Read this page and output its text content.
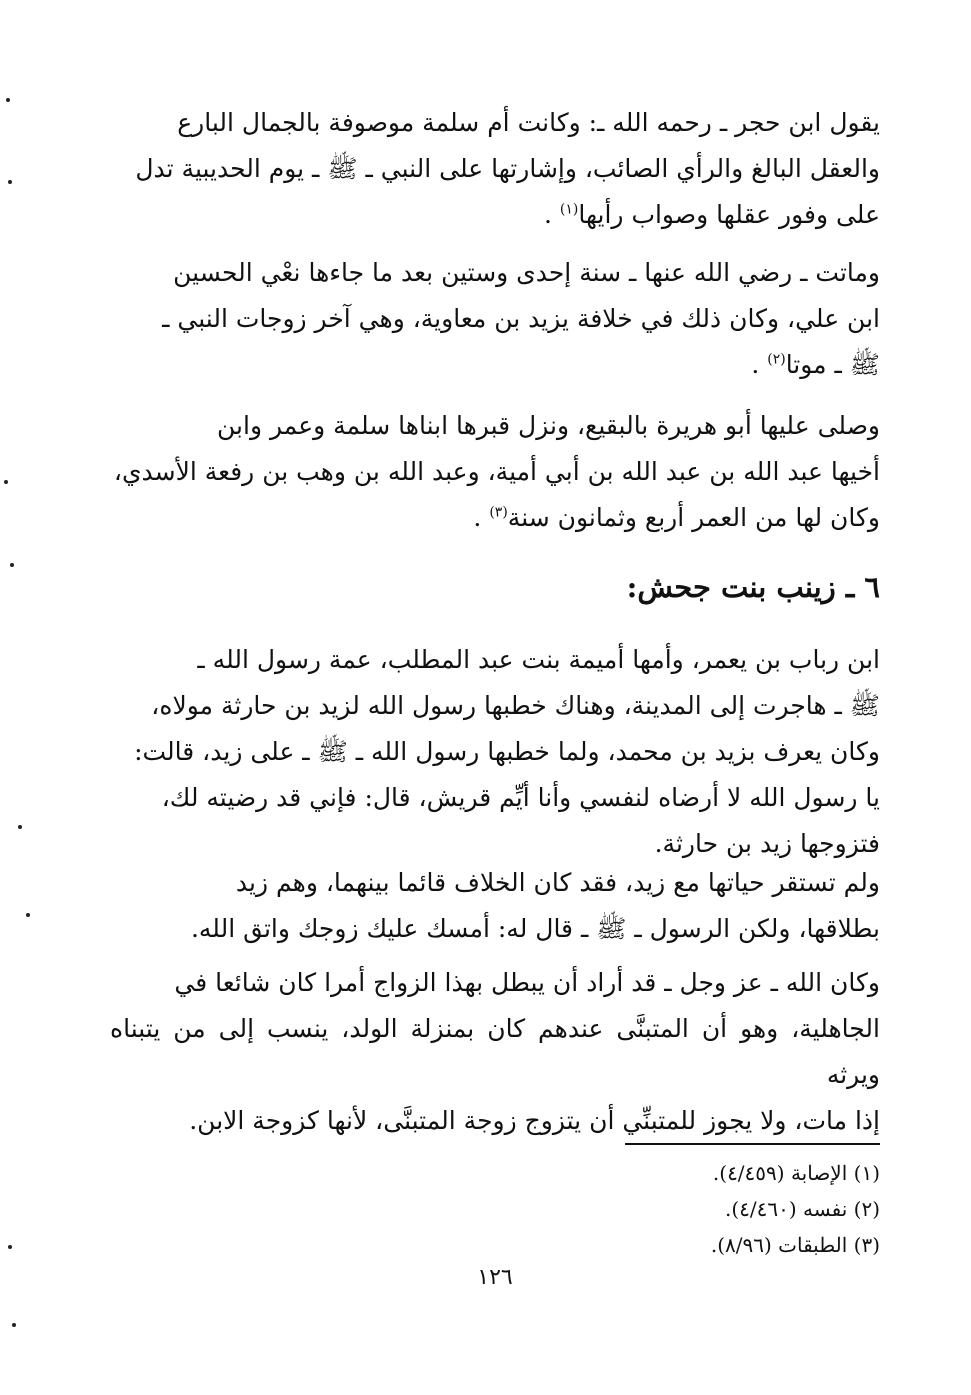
يقول ابن حجر ـ رحمه الله ـ: وكانت أم سلمة موصوفة بالجمال البارع

والعقل البالغ والرأي الصائب، وإشارتها على النبي ـ ﷺ ـ يوم الحديبية تدل

على وفور عقلها وصواب رأيها$^{(١)}$ .

وماتت ـ رضي الله عنها ـ سنة إحدى وستين بعد ما جاءها نعْي الحسين

ابن علي، وكان ذلك في خلافة يزيد بن معاوية، وهي آخر زوجات النبي ـ

ﷺ ـ موتا$^{(٢)}$ .

وصلى عليها أبو هريرة بالبقيع، ونزل قبرها ابناها سلمة وعمر وابن

أخيها عبد الله بن عبد الله بن أبي أمية، وعبد الله بن وهب بن رفعة الأسدي،

وكان لها من العمر أربع وثمانون سنة$^{(٣)}$ .

٦ ـ زينب بنت جحش:

ابن رباب بن يعمر، وأمها أميمة بنت عبد المطلب، عمة رسول الله ـ

ﷺ ـ هاجرت إلى المدينة، وهناك خطبها رسول الله لزيد بن حارثة مولاه،

وكان يعرف بزيد بن محمد، ولما خطبها رسول الله ـ ﷺ ـ على زيد، قالت:

يا رسول الله لا أرضاه لنفسي وأنا أيِّم قريش، قال: فإني قد رضيته لك،

فتزوجها زيد بن حارثة.

ولم تستقر حياتها مع زيد، فقد كان الخلاف قائما بينهما، وهم زيد

بطلاقها، ولكن الرسول ـ ﷺ ـ قال له: أمسك عليك زوجك واتق الله.

وكان الله ـ عز وجل ـ قد أراد أن يبطل بهذا الزواج أمرا كان شائعا في

الجاهلية، وهو أن المتبنَّى عندهم كان بمنزلة الولد، ينسب إلى من يتبناه ويرثه

إذا مات، ولا يجوز للمتبنِّي أن يتزوج زوجة المتبنَّى، لأنها كزوجة الابن.

(١) الإصابة (٤/٤٥٩).
(٢) نفسه (٤/٤٦٠).
(٣) الطبقات (٨/٩٦).
١٢٦
